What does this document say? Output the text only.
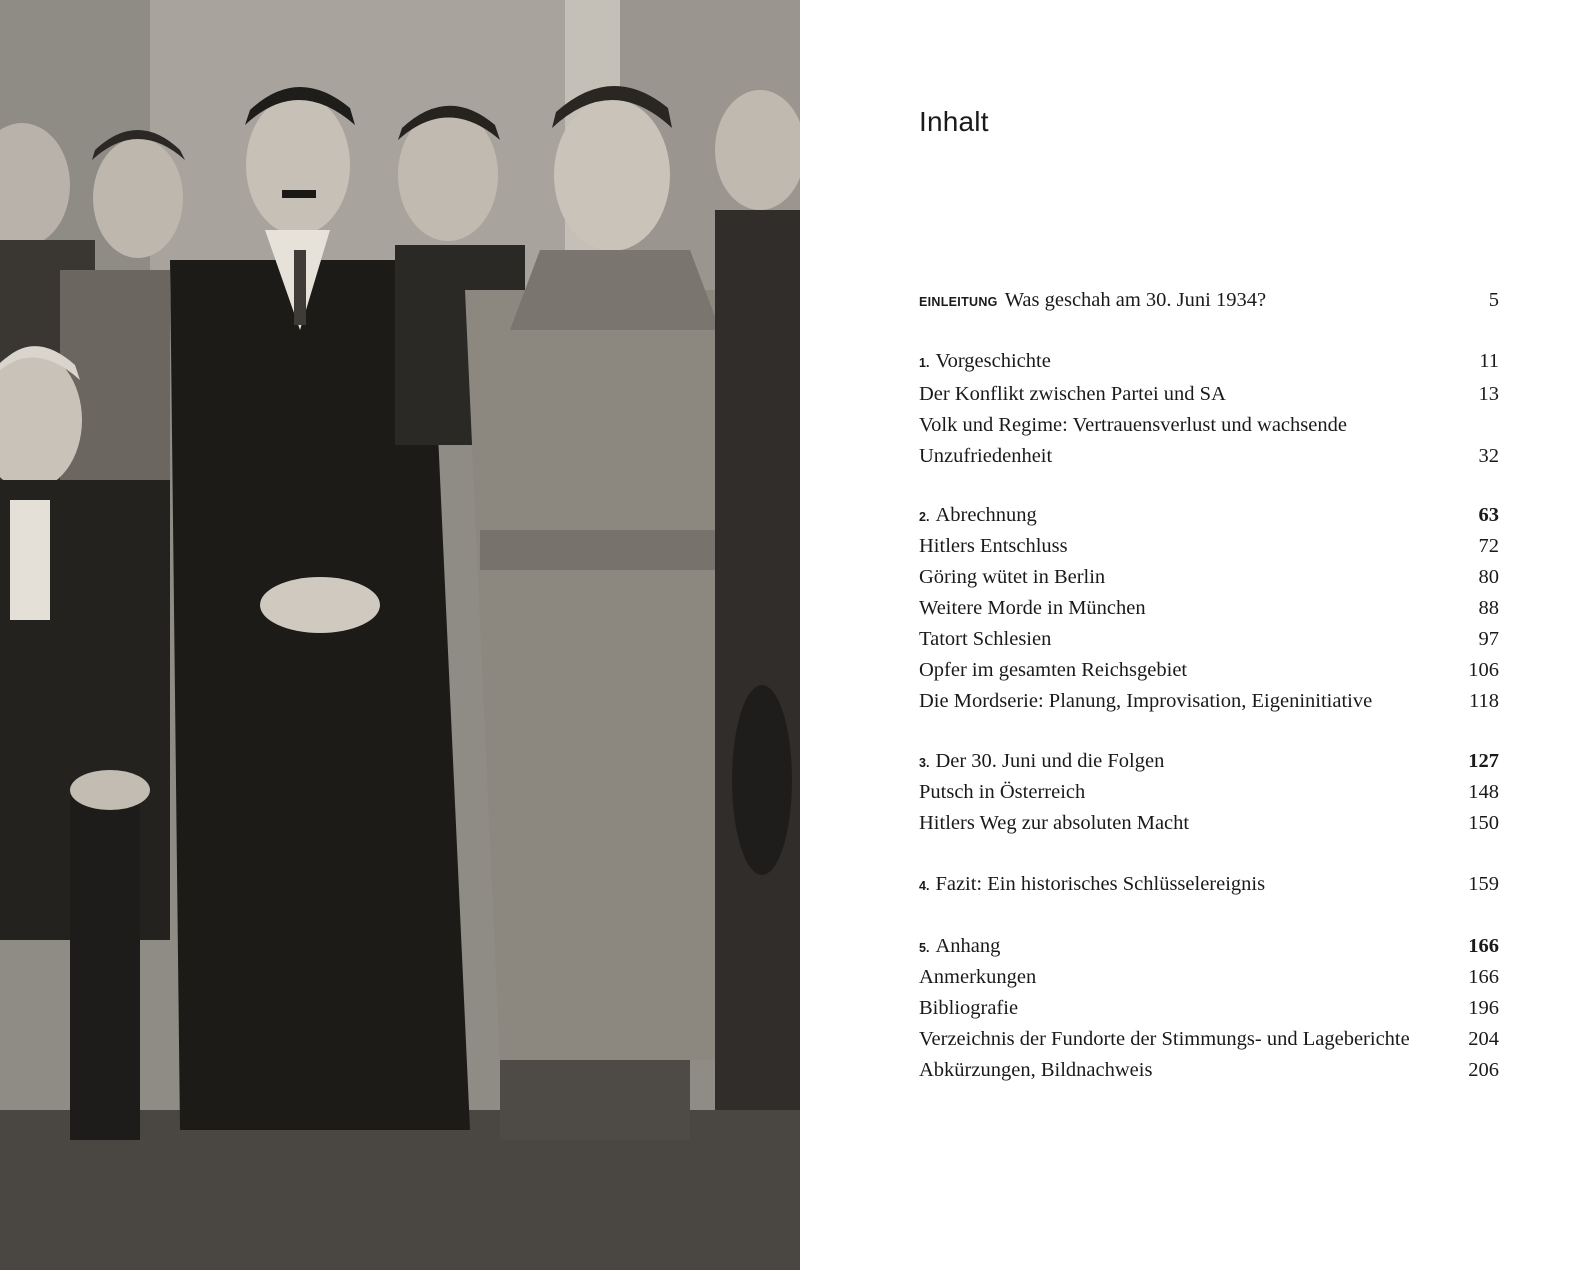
Inhalt
EINLEITUNG Was geschah am 30. Juni 1934?	5
1. Vorgeschichte	11
Der Konflikt zwischen Partei und SA	13
Volk und Regime: Vertrauensverlust und wachsende
Unzufriedenheit	32
2. Abrechnung	63
Hitlers Entschluss	72
Göring wütet in Berlin	80
Weitere Morde in München	88
Tatort Schlesien	97
Opfer im gesamten Reichsgebiet	106
Die Mordserie: Planung, Improvisation, Eigeninitiative	118
3. Der 30. Juni und die Folgen	127
Putsch in Österreich	148
Hitlers Weg zur absoluten Macht	150
4. Fazit: Ein historisches Schlüsselereignis	159
5. Anhang	166
Anmerkungen	166
Bibliografie	196
Verzeichnis der Fundorte der Stimmungs- und Lageberichte	204
Abkürzungen, Bildnachweis	206
